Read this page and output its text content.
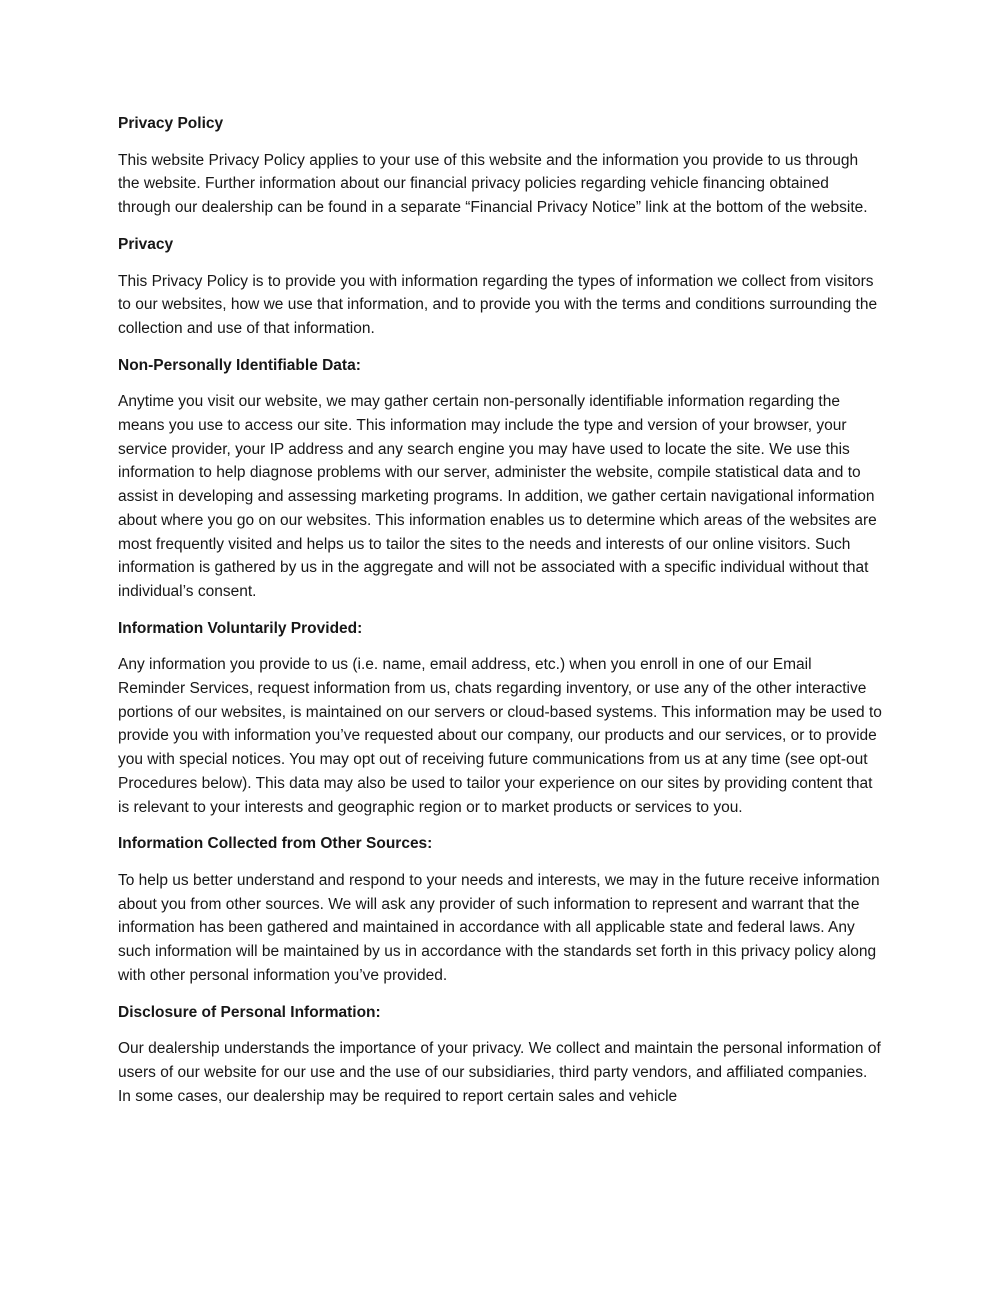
Privacy Policy

This website Privacy Policy applies to your use of this website and the information you provide to us through the website. Further information about our financial privacy policies regarding vehicle financing obtained through our dealership can be found in a separate “Financial Privacy Notice” link at the bottom of the website.

Privacy

This Privacy Policy is to provide you with information regarding the types of information we collect from visitors to our websites, how we use that information, and to provide you with the terms and conditions surrounding the collection and use of that information.

Non-Personally Identifiable Data:

Anytime you visit our website, we may gather certain non-personally identifiable information regarding the means you use to access our site. This information may include the type and version of your browser, your service provider, your IP address and any search engine you may have used to locate the site. We use this information to help diagnose problems with our server, administer the website, compile statistical data and to assist in developing and assessing marketing programs. In addition, we gather certain navigational information about where you go on our websites. This information enables us to determine which areas of the websites are most frequently visited and helps us to tailor the sites to the needs and interests of our online visitors. Such information is gathered by us in the aggregate and will not be associated with a specific individual without that individual’s consent.

Information Voluntarily Provided:

Any information you provide to us (i.e. name, email address, etc.) when you enroll in one of our Email Reminder Services, request information from us, chats regarding inventory, or use any of the other interactive portions of our websites, is maintained on our servers or cloud-based systems. This information may be used to provide you with information you’ve requested about our company, our products and our services, or to provide you with special notices. You may opt out of receiving future communications from us at any time (see opt-out Procedures below). This data may also be used to tailor your experience on our sites by providing content that is relevant to your interests and geographic region or to market products or services to you.

Information Collected from Other Sources:

To help us better understand and respond to your needs and interests, we may in the future receive information about you from other sources. We will ask any provider of such information to represent and warrant that the information has been gathered and maintained in accordance with all applicable state and federal laws. Any such information will be maintained by us in accordance with the standards set forth in this privacy policy along with other personal information you’ve provided.

Disclosure of Personal Information:

Our dealership understands the importance of your privacy. We collect and maintain the personal information of users of our website for our use and the use of our subsidiaries, third party vendors, and affiliated companies. In some cases, our dealership may be required to report certain sales and vehicle
